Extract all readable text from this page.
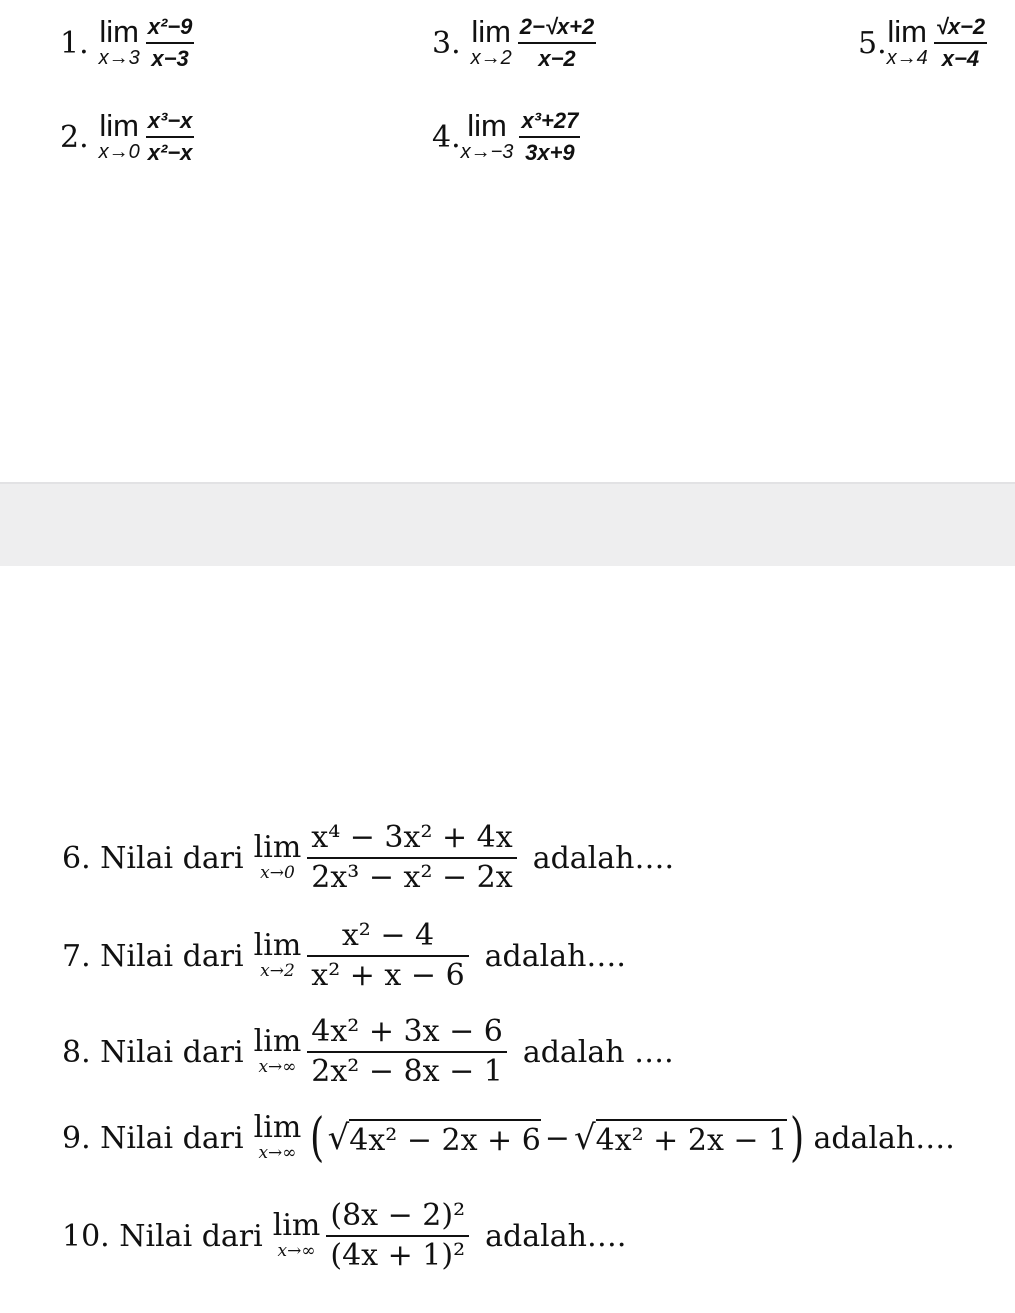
1. lim
$x\to 3 \frac{\text{x²−9}}{x-3}$
2. lim
$x\to 0 \frac{\text{x³−x}}{\text{x²−x}}$
3. lim
$x\to 2 \frac{2-√x+2}{x-2}$
4. lim
$x\to-3 \frac{\text{x³+27}}{3x+9}$
5. lim
$x\to 4 \frac{√x-2}{x-4}$
6. Nilai dari lim
$x\to 0 \frac{\text{x⁴ − 3x² + 4x}}{\text{2x³ − x² − 2x}}$ adalah….
7. Nilai dari lim
$x\to 2 \frac{\text{x² − 4}}{\text{x² + x − 6}}$ adalah….
8. Nilai dari lim
$x\to\infty \frac{\text{4x² + 3x − 6}}{\text{2x² − 8x − 1}}$ adalah ….
9. Nilai dari lim
x→∞ ( √ 4x² − 2x + 6 − √ 4x² + 2x − 1 ) adalah….
10. Nilai dari lim
$x\to\infty \frac{\text{(8x − 2)²}}{\text{(4x + 1)²}}$ adalah….
